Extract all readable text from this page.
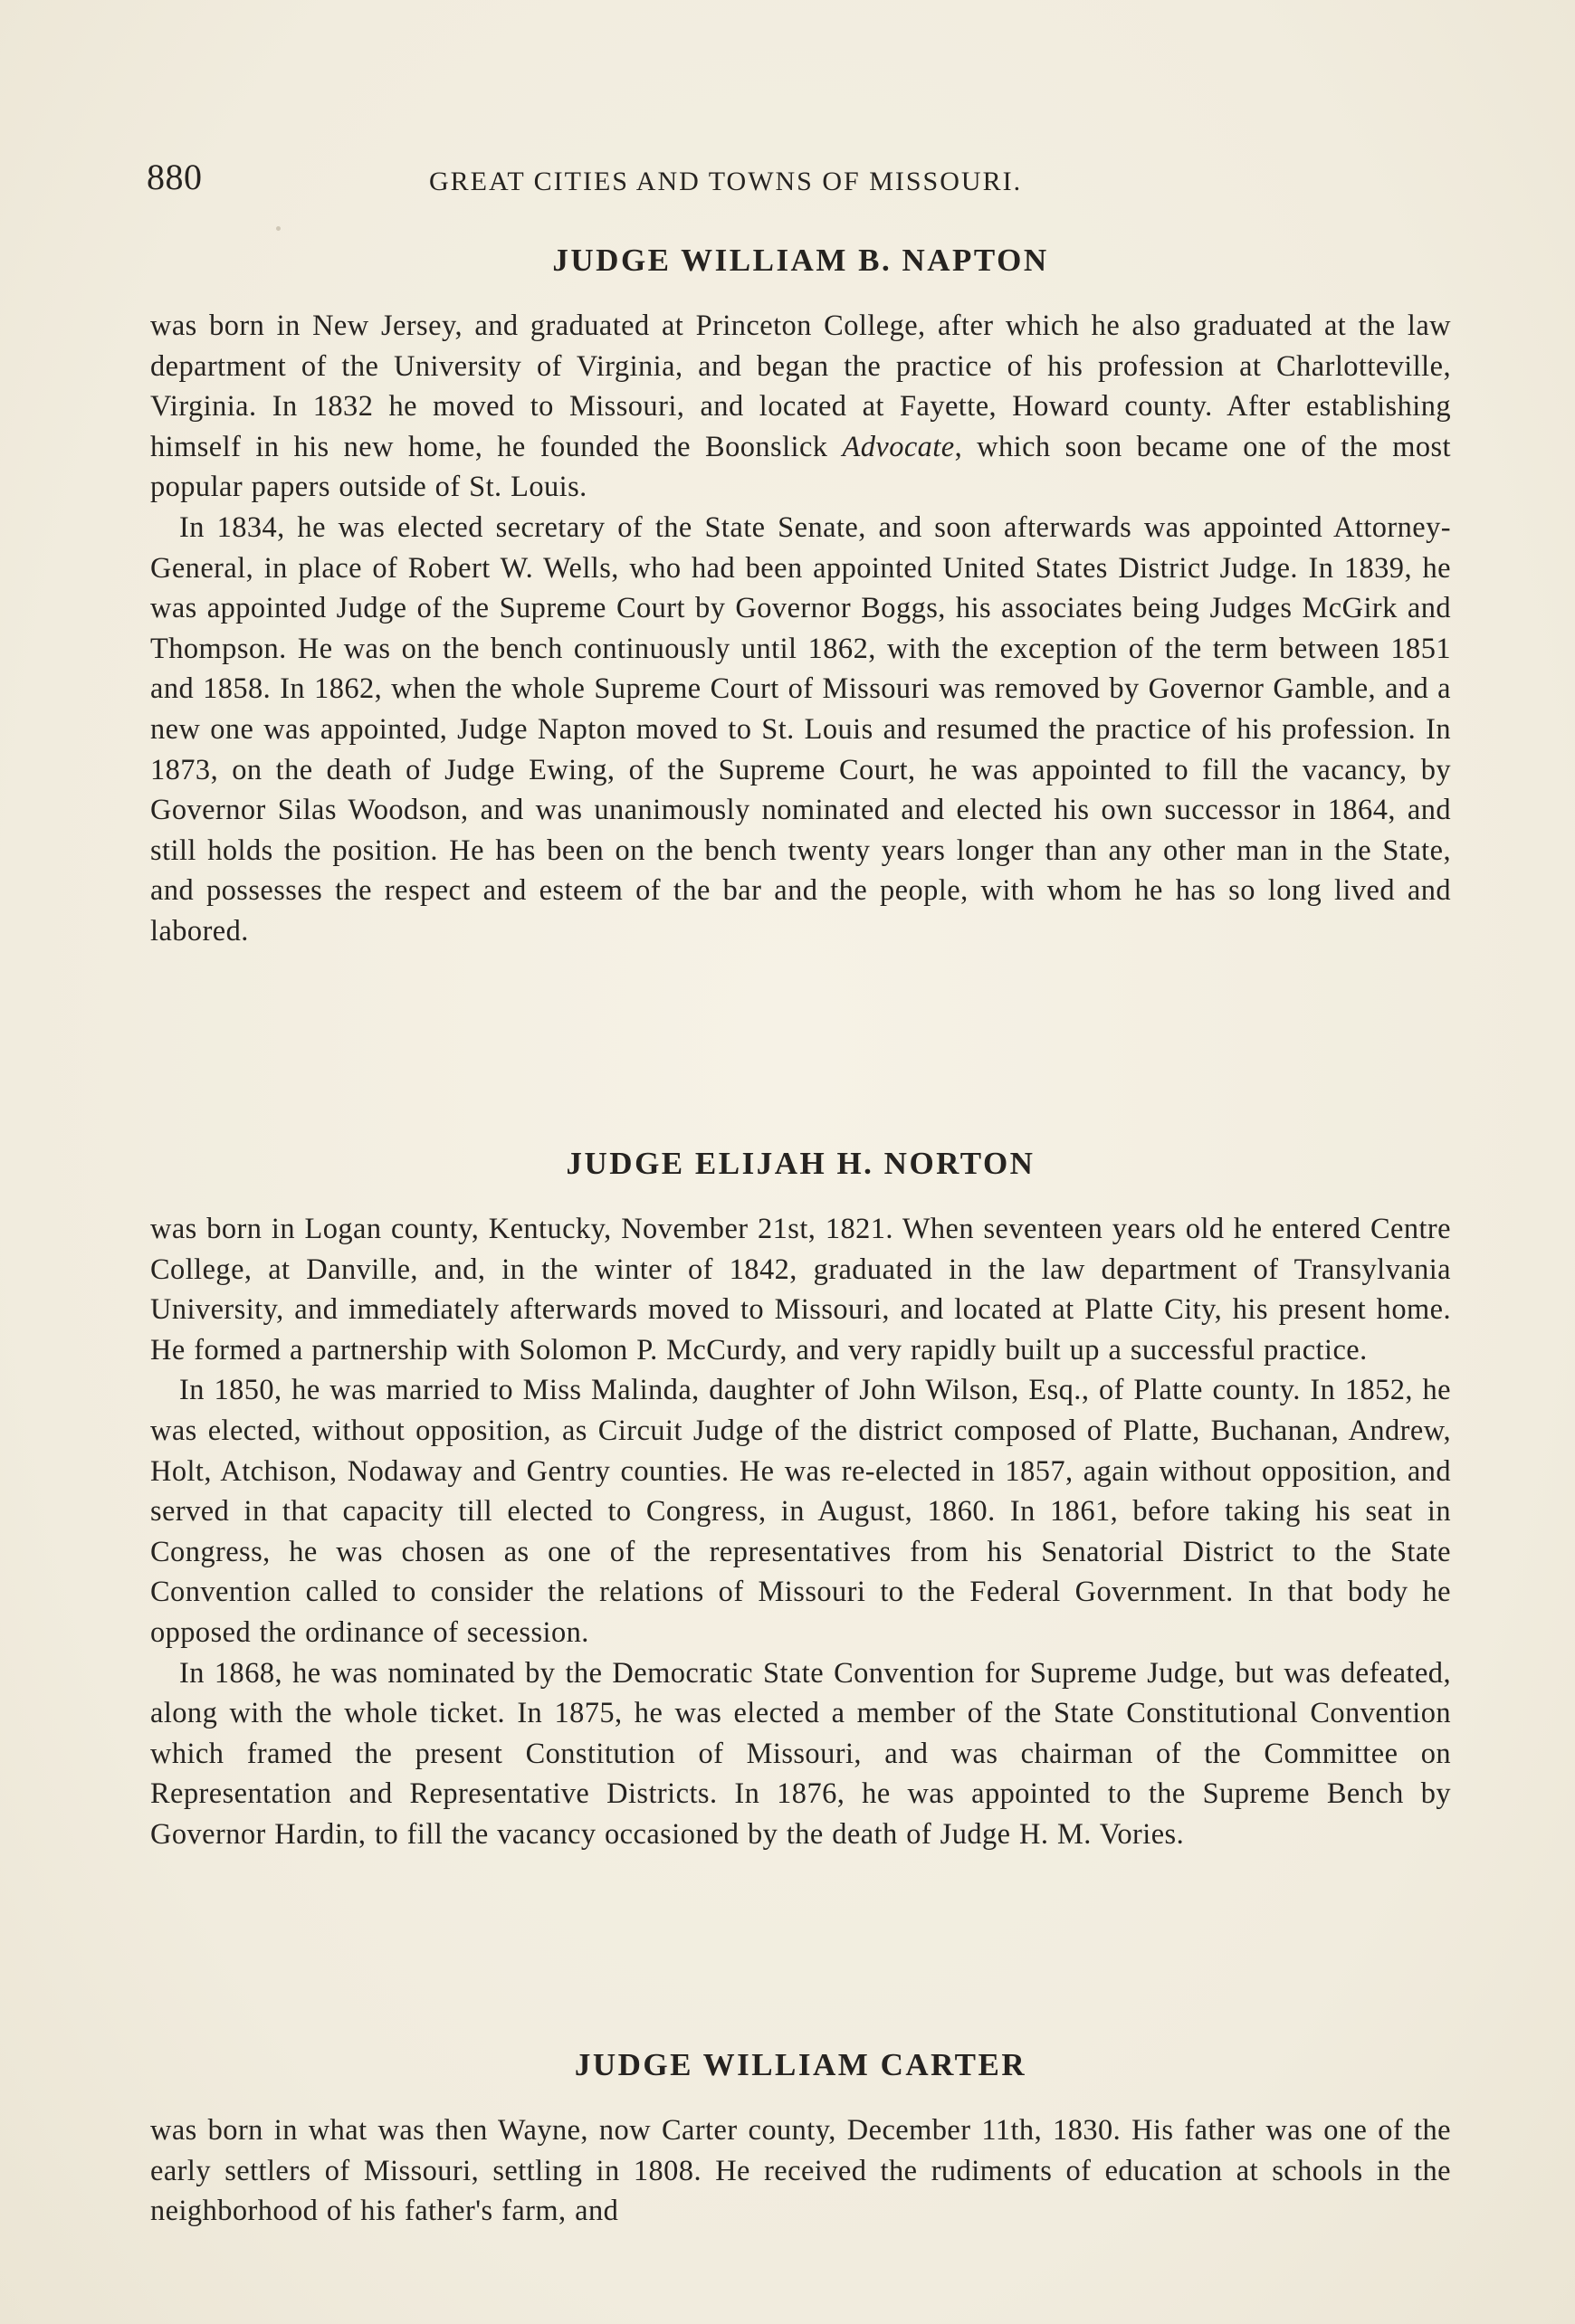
880	GREAT CITIES AND TOWNS OF MISSOURI.
JUDGE WILLIAM B. NAPTON

was born in New Jersey, and graduated at Princeton College, after which he also graduated at the law department of the University of Virginia, and began the practice of his profession at Charlotteville, Virginia. In 1832 he moved to Missouri, and located at Fayette, Howard county. After establishing himself in his new home, he founded the Boonslick Advocate, which soon became one of the most popular papers outside of St. Louis.

In 1834, he was elected secretary of the State Senate, and soon afterwards was appointed Attorney-General, in place of Robert W. Wells, who had been appointed United States District Judge. In 1839, he was appointed Judge of the Supreme Court by Governor Boggs, his associates being Judges McGirk and Thompson. He was on the bench continuously until 1862, with the exception of the term between 1851 and 1858. In 1862, when the whole Supreme Court of Missouri was removed by Governor Gamble, and a new one was appointed, Judge Napton moved to St. Louis and resumed the practice of his profession. In 1873, on the death of Judge Ewing, of the Supreme Court, he was appointed to fill the vacancy, by Governor Silas Woodson, and was unanimously nominated and elected his own successor in 1864, and still holds the position. He has been on the bench twenty years longer than any other man in the State, and possesses the respect and esteem of the bar and the people, with whom he has so long lived and labored.

JUDGE ELIJAH H. NORTON

was born in Logan county, Kentucky, November 21st, 1821. When seventeen years old he entered Centre College, at Danville, and, in the winter of 1842, graduated in the law department of Transylvania University, and immediately afterwards moved to Missouri, and located at Platte City, his present home. He formed a partnership with Solomon P. McCurdy, and very rapidly built up a successful practice.

In 1850, he was married to Miss Malinda, daughter of John Wilson, Esq., of Platte county. In 1852, he was elected, without opposition, as Circuit Judge of the district composed of Platte, Buchanan, Andrew, Holt, Atchison, Nodaway and Gentry counties. He was re-elected in 1857, again without opposition, and served in that capacity till elected to Congress, in August, 1860. In 1861, before taking his seat in Congress, he was chosen as one of the representatives from his Senatorial District to the State Convention called to consider the relations of Missouri to the Federal Government. In that body he opposed the ordinance of secession.

In 1868, he was nominated by the Democratic State Convention for Supreme Judge, but was defeated, along with the whole ticket. In 1875, he was elected a member of the State Constitutional Convention which framed the present Constitution of Missouri, and was chairman of the Committee on Representation and Representative Districts. In 1876, he was appointed to the Supreme Bench by Governor Hardin, to fill the vacancy occasioned by the death of Judge H. M. Vories.

JUDGE WILLIAM CARTER

was born in what was then Wayne, now Carter county, December 11th, 1830. His father was one of the early settlers of Missouri, settling in 1808. He received the rudiments of education at schools in the neighborhood of his father's farm, and
